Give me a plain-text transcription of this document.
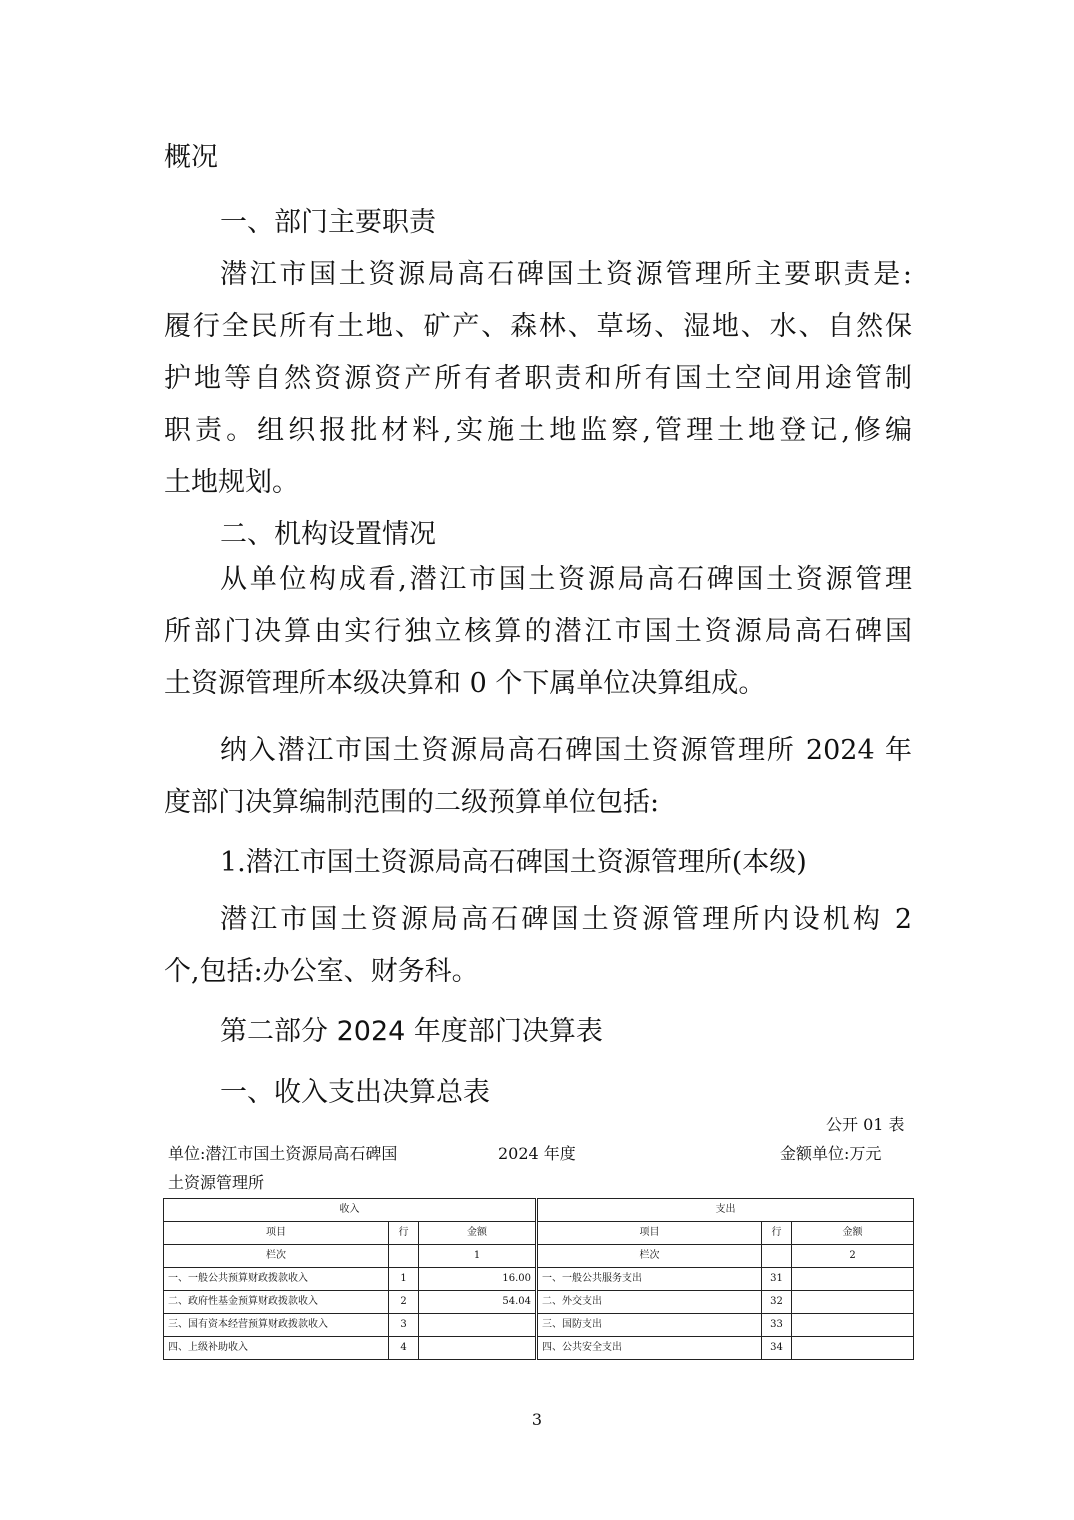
概况
一、部门主要职责
潜江市国土资源局高石碑国土资源管理所主要职责是:
履行全民所有土地、矿产、森林、草场、湿地、水、自然保
护地等自然资源资产所有者职责和所有国土空间用途管制
职责。组织报批材料,实施土地监察,管理土地登记,修编
土地规划。
二、机构设置情况
从单位构成看,潜江市国土资源局高石碑国土资源管理
所部门决算由实行独立核算的潜江市国土资源局高石碑国
土资源管理所本级决算和 0 个下属单位决算组成。
纳入潜江市国土资源局高石碑国土资源管理所 2024 年
度部门决算编制范围的二级预算单位包括:
1.潜江市国土资源局高石碑国土资源管理所(本级)
潜江市国土资源局高石碑国土资源管理所内设机构 2
个,包括:办公室、财务科。
第二部分 2024 年度部门决算表
一、收入支出决算总表
公开 01 表
单位:潜江市国土资源局高石碑国
土资源管理所
2024 年度	金额单位:万元
收入			支出		
项目	行	金额	项目	行	金额
栏次		1	栏次		2
一、一般公共预算财政拨款收入	1	16.00	一、一般公共服务支出	31	
二、政府性基金预算财政拨款收入	2	54.04	二、外交支出	32	
三、国有资本经营预算财政拨款收入	3		三、国防支出	33	
四、上级补助收入	4		四、公共安全支出	34	
3
